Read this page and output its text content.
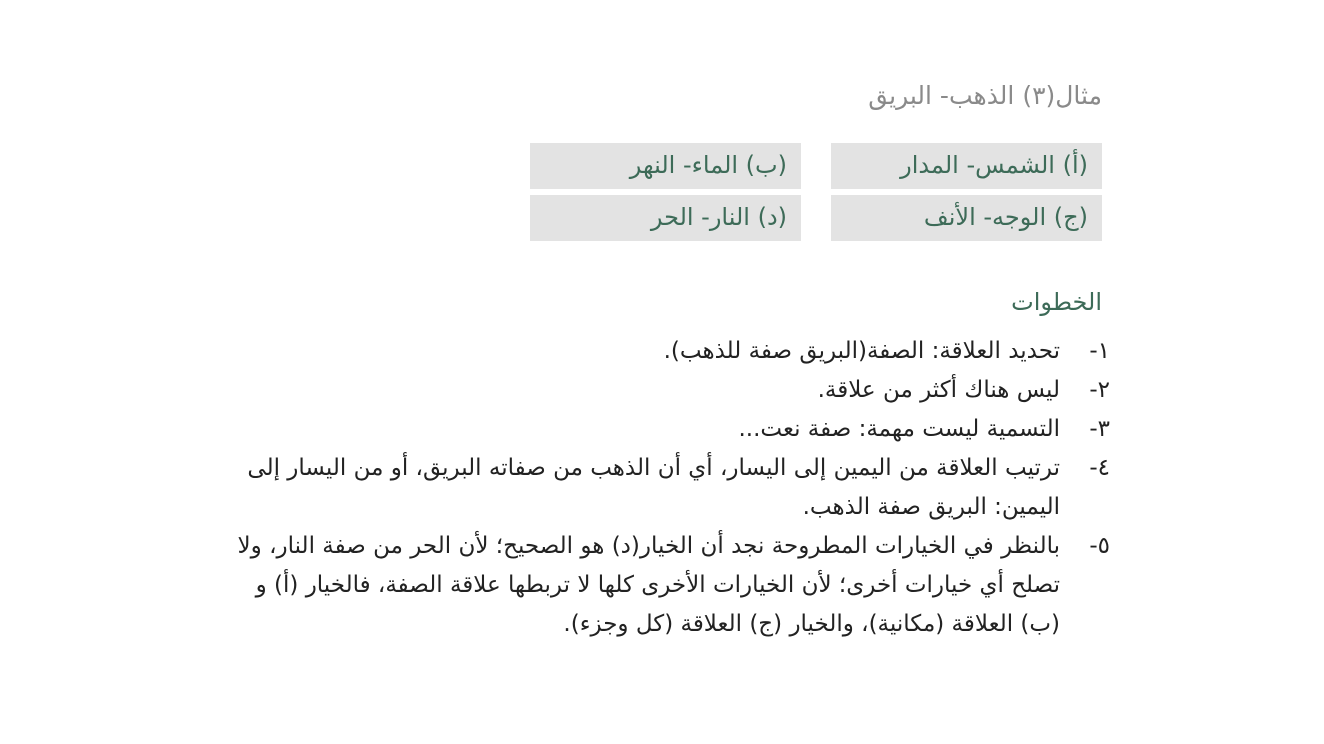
مثال(٣) الذهب- البريق
(أ) الشمس- المدار
(ب) الماء- النهر
(ج) الوجه- الأنف
(د) النار- الحر
الخطوات
١-
تحديد العلاقة: الصفة(البريق صفة للذهب).
٢-
ليس هناك أكثر من علاقة.
٣-
التسمية ليست مهمة: صفة نعت...
٤-
ترتيب العلاقة من اليمين إلى اليسار، أي أن الذهب من صفاته البريق، أو من اليسار إلى اليمين: البريق صفة الذهب.
٥-
بالنظر في الخيارات المطروحة نجد أن الخيار(د) هو الصحيح؛ لأن الحر من صفة النار، ولا تصلح أي خيارات أخرى؛ لأن الخيارات الأخرى كلها لا تربطها علاقة الصفة، فالخيار (أ) و (ب) العلاقة (مكانية)، والخيار (ج) العلاقة (كل وجزء).
